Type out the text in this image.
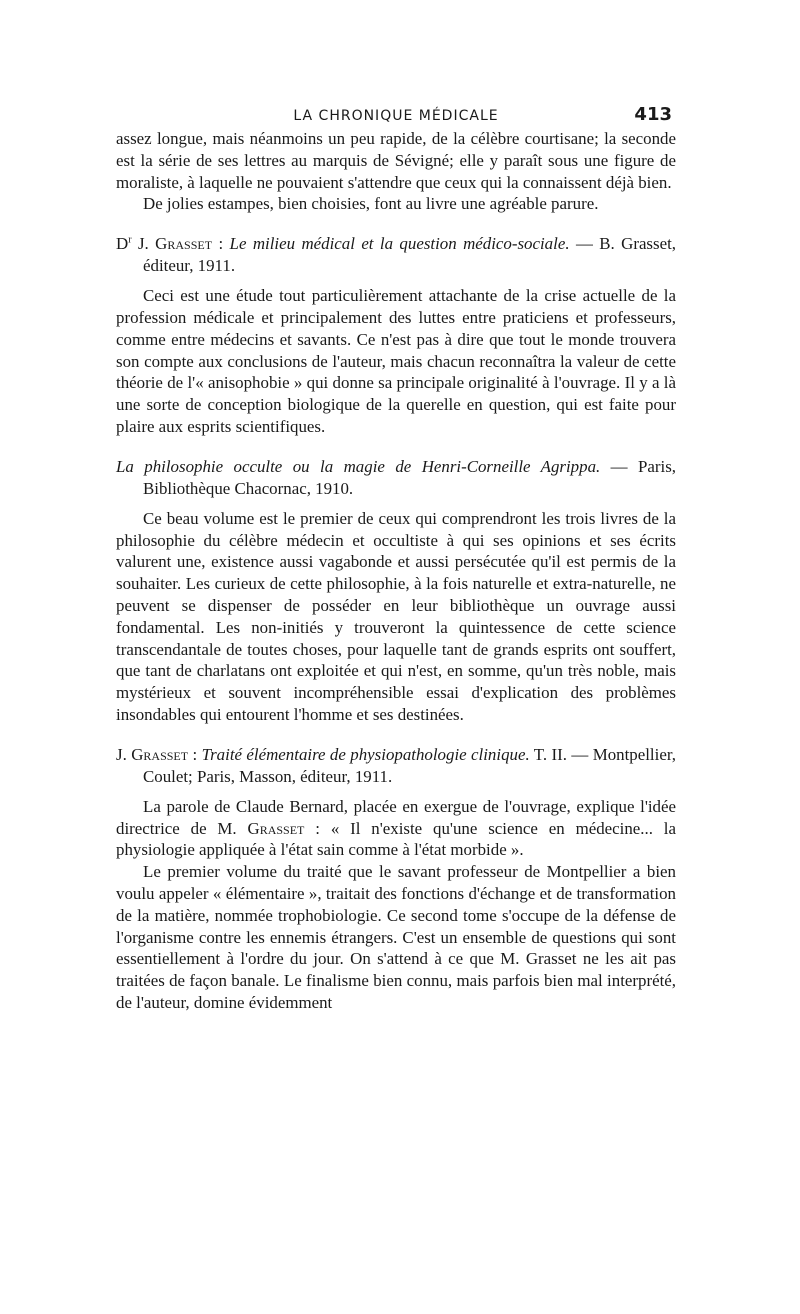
LA CHRONIQUE MÉDICALE	413

assez longue, mais néanmoins un peu rapide, de la célèbre courtisane; la seconde est la série de ses lettres au marquis de Sévigné; elle y paraît sous une figure de moraliste, à laquelle ne pouvaient s'attendre que ceux qui la connaissent déjà bien.

De jolies estampes, bien choisies, font au livre une agréable parure.

$D^r$ J. Grasset : Le milieu médical et la question médico-sociale. — B. Grasset, éditeur, 1911.

Ceci est une étude tout particulièrement attachante de la crise actuelle de la profession médicale et principalement des luttes entre praticiens et professeurs, comme entre médecins et savants. Ce n'est pas à dire que tout le monde trouvera son compte aux conclusions de l'auteur, mais chacun reconnaîtra la valeur de cette théorie de l'« anisophobie » qui donne sa principale originalité à l'ouvrage. Il y a là une sorte de conception biologique de la querelle en question, qui est faite pour plaire aux esprits scientifiques.

La philosophie occulte ou la magie de Henri-Corneille Agrippa. — Paris, Bibliothèque Chacornac, 1910.

Ce beau volume est le premier de ceux qui comprendront les trois livres de la philosophie du célèbre médecin et occultiste à qui ses opinions et ses écrits valurent une, existence aussi vagabonde et aussi persécutée qu'il est permis de la souhaiter. Les curieux de cette philosophie, à la fois naturelle et extra-naturelle, ne peuvent se dispenser de posséder en leur bibliothèque un ouvrage aussi fondamental. Les non-initiés y trouveront la quintessence de cette science transcendantale de toutes choses, pour laquelle tant de grands esprits ont souffert, que tant de charlatans ont exploitée et qui n'est, en somme, qu'un très noble, mais mystérieux et souvent incompréhensible essai d'explication des problèmes insondables qui entourent l'homme et ses destinées.

J. Grasset : Traité élémentaire de physiopathologie clinique. T. II. — Montpellier, Coulet; Paris, Masson, éditeur, 1911.

La parole de Claude Bernard, placée en exergue de l'ouvrage, explique l'idée directrice de M. Grasset : « Il n'existe qu'une science en médecine... la physiologie appliquée à l'état sain comme à l'état morbide ».

Le premier volume du traité que le savant professeur de Montpellier a bien voulu appeler « élémentaire », traitait des fonctions d'échange et de transformation de la matière, nommée trophobiologie. Ce second tome s'occupe de la défense de l'organisme contre les ennemis étrangers. C'est un ensemble de questions qui sont essentiellement à l'ordre du jour. On s'attend à ce que M. Grasset ne les ait pas traitées de façon banale. Le finalisme bien connu, mais parfois bien mal interprété, de l'auteur, domine évidemment
